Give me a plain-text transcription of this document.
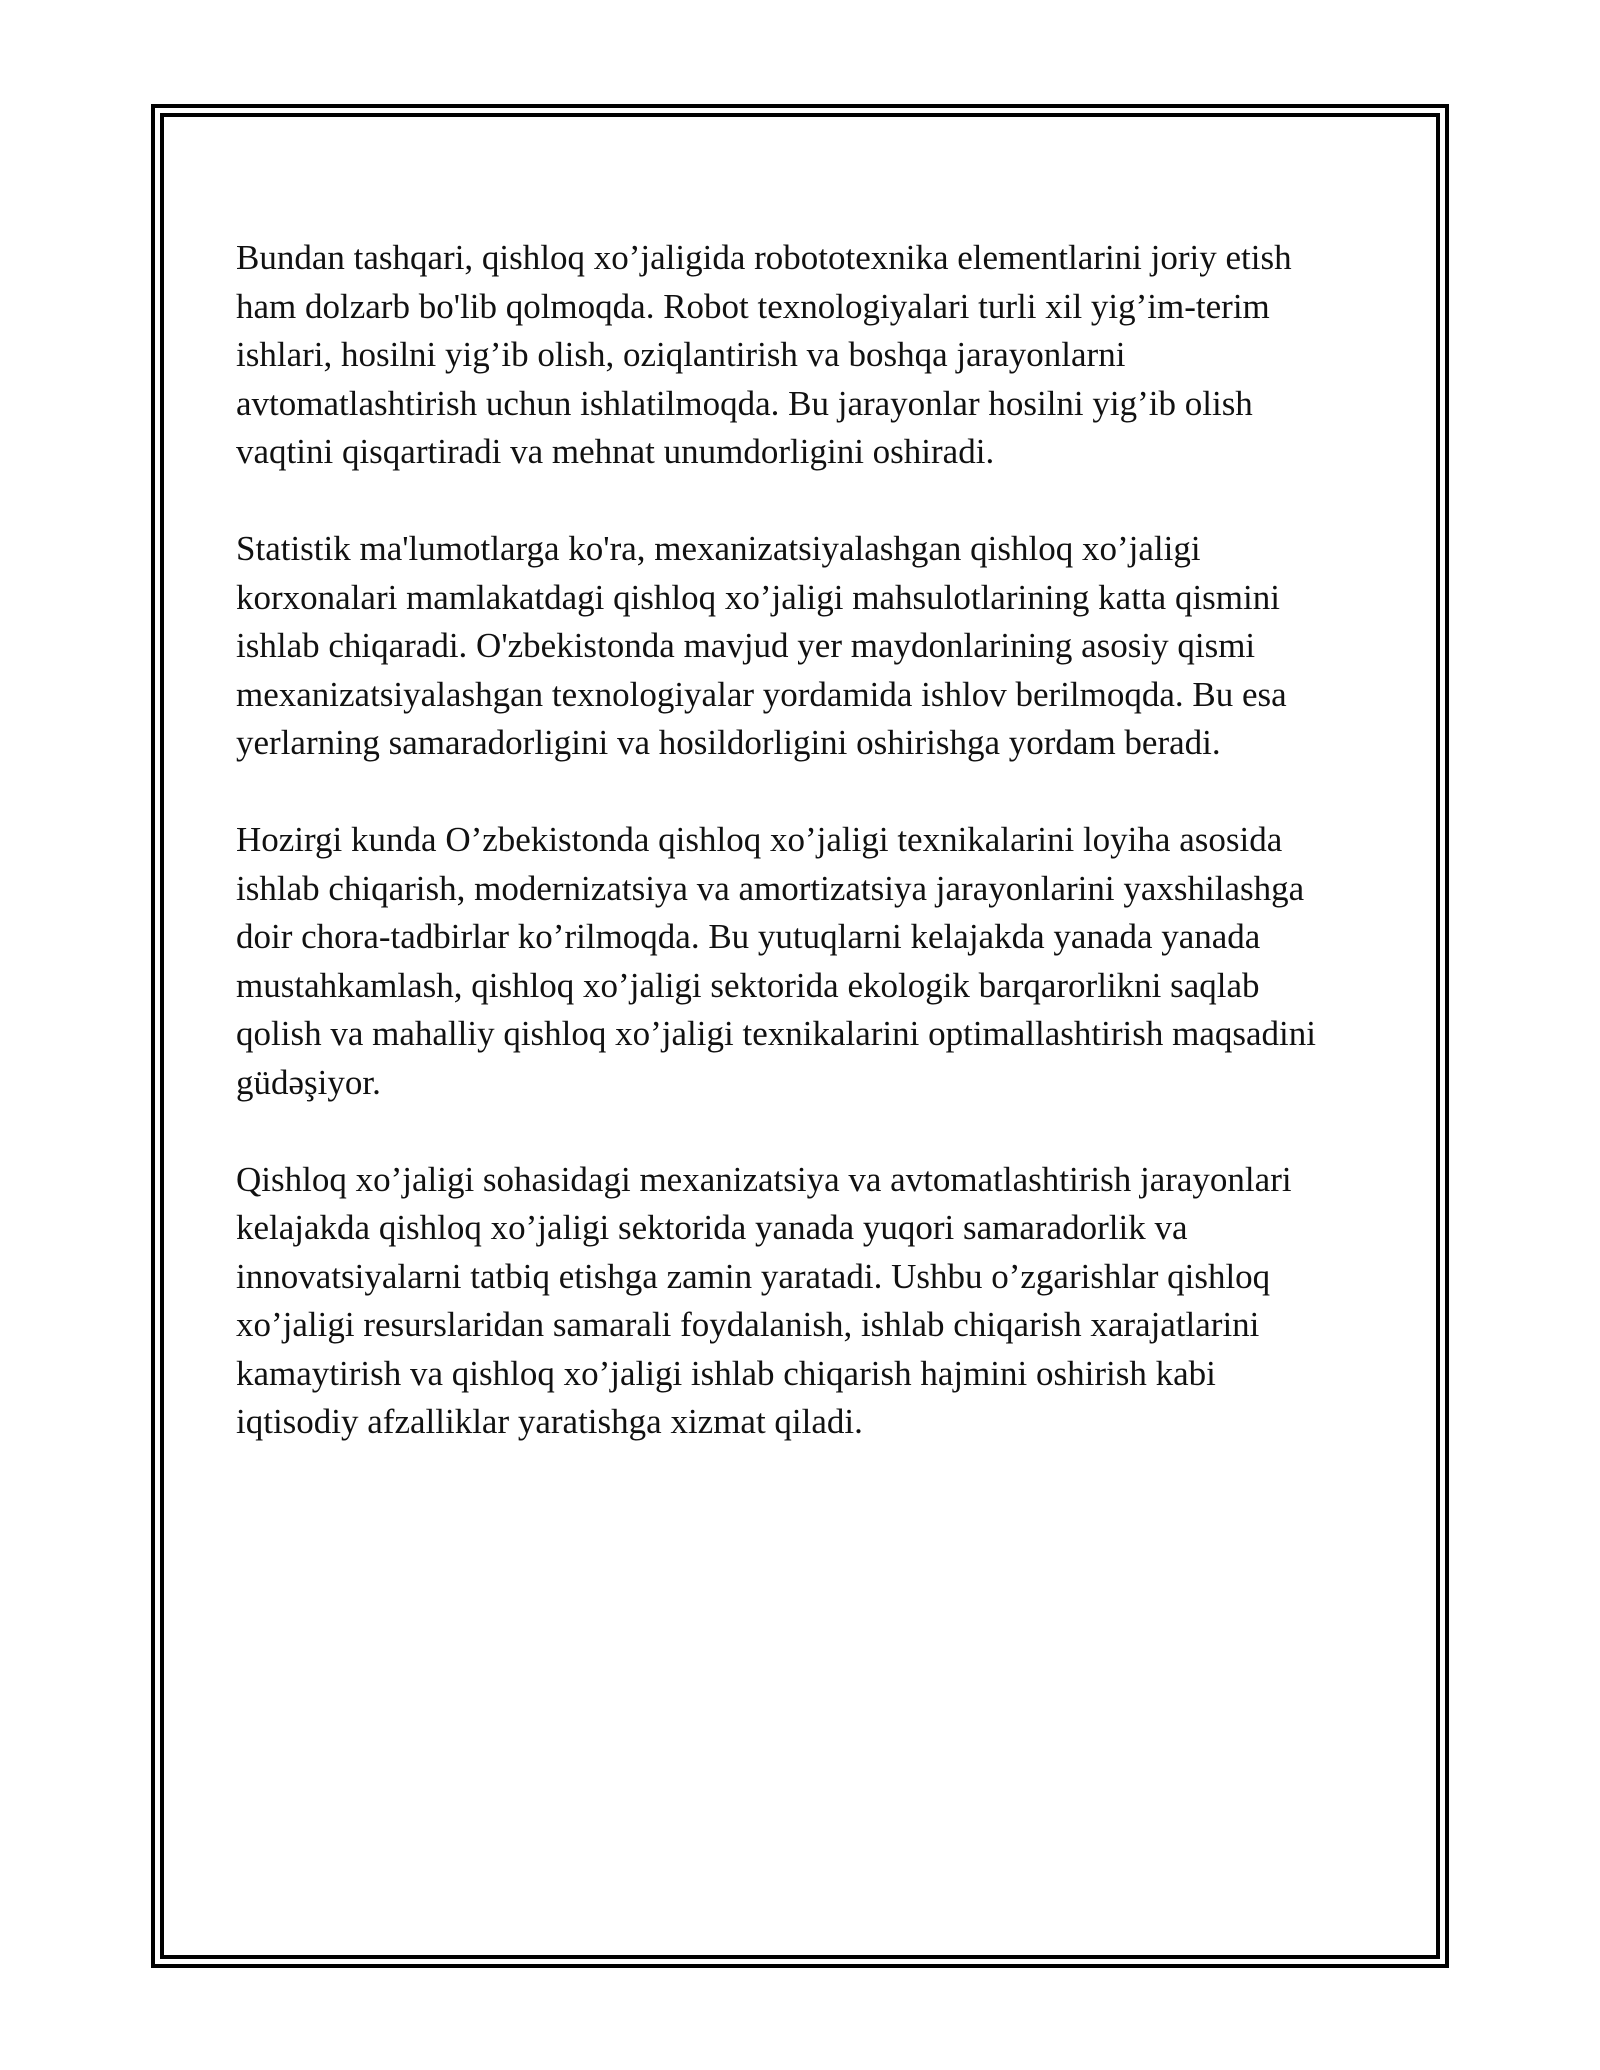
Bundan tashqari, qishloq xo’jaligida robototexnika elementlarini joriy etish
ham dolzarb bo'lib qolmoqda. Robot texnologiyalari turli xil yig’im-terim
ishlari, hosilni yig’ib olish, oziqlantirish va boshqa jarayonlarni
avtomatlashtirish uchun ishlatilmoqda. Bu jarayonlar hosilni yig’ib olish
vaqtini qisqartiradi va mehnat unumdorligini oshiradi.

Statistik ma'lumotlarga ko'ra, mexanizatsiyalashgan qishloq xo’jaligi
korxonalari mamlakatdagi qishloq xo’jaligi mahsulotlarining katta qismini
ishlab chiqaradi. O'zbekistonda mavjud yer maydonlarining asosiy qismi
mexanizatsiyalashgan texnologiyalar yordamida ishlov berilmoqda. Bu esa
yerlarning samaradorligini va hosildorligini oshirishga yordam beradi.

Hozirgi kunda O’zbekistonda qishloq xo’jaligi texnikalarini loyiha asosida
ishlab chiqarish, modernizatsiya va amortizatsiya jarayonlarini yaxshilashga
doir chora-tadbirlar ko’rilmoqda. Bu yutuqlarni kelajakda yanada yanada
mustahkamlash, qishloq xo’jaligi sektorida ekologik barqarorlikni saqlab
qolish va mahalliy qishloq xo’jaligi texnikalarini optimallashtirish maqsadini
güdəşiyor.

Qishloq xo’jaligi sohasidagi mexanizatsiya va avtomatlashtirish jarayonlari
kelajakda qishloq xo’jaligi sektorida yanada yuqori samaradorlik va
innovatsiyalarni tatbiq etishga zamin yaratadi. Ushbu o’zgarishlar qishloq
xo’jaligi resurslaridan samarali foydalanish, ishlab chiqarish xarajatlarini
kamaytirish va qishloq xo’jaligi ishlab chiqarish hajmini oshirish kabi
iqtisodiy afzalliklar yaratishga xizmat qiladi.
